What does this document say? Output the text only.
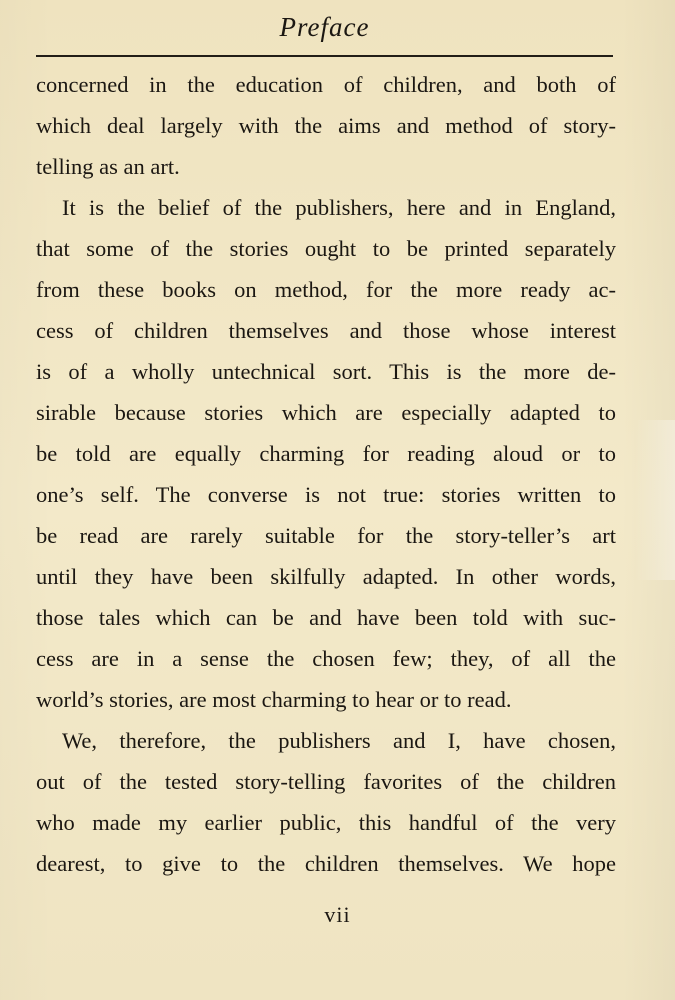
Preface
concerned in the education of children, and both of
which deal largely with the aims and method of story-
telling as an art.
It is the belief of the publishers, here and in England,
that some of the stories ought to be printed separately
from these books on method, for the more ready ac-
cess of children themselves and those whose interest
is of a wholly untechnical sort. This is the more de-
sirable because stories which are especially adapted to
be told are equally charming for reading aloud or to
one’s self. The converse is not true: stories written to
be read are rarely suitable for the story-teller’s art
until they have been skilfully adapted. In other words,
those tales which can be and have been told with suc-
cess are in a sense the chosen few; they, of all the
world’s stories, are most charming to hear or to read.
We, therefore, the publishers and I, have chosen,
out of the tested story-telling favorites of the children
who made my earlier public, this handful of the very
dearest, to give to the children themselves. We hope
vii
